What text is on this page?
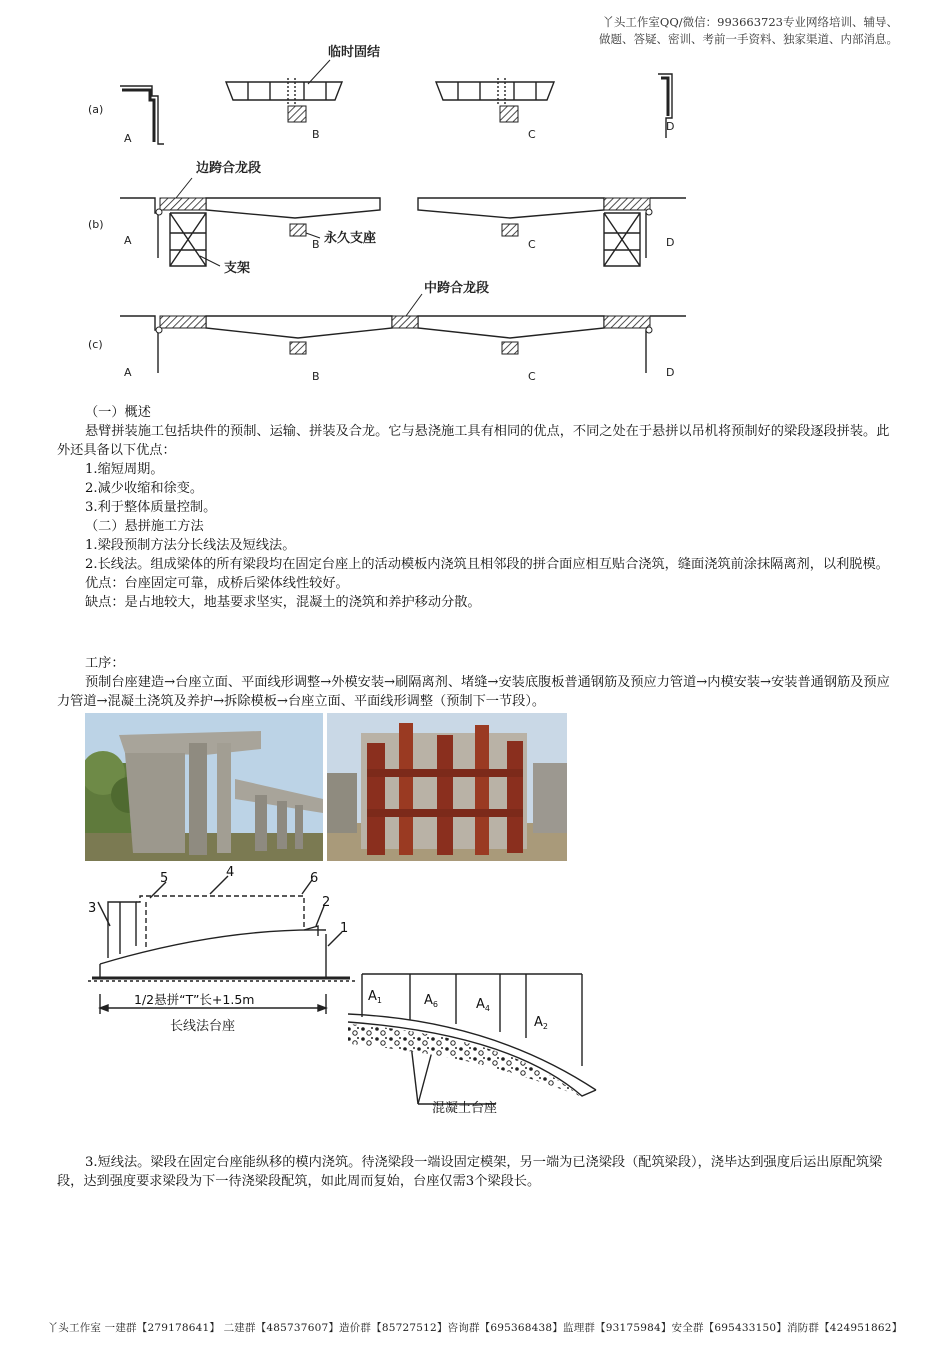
丫头工作室QQ/微信：993663723专业网络培训、辅导、
做题、答疑、密训、考前一手资料、独家渠道、内部消息。
(a)
(b)
(c)
A	B	C
D
A	B	C	D
A	B	C	D
临时固结
边跨合龙段
永久支座
支架
中跨合龙段

（一）概述

悬臂拼装施工包括块件的预制、运输、拼装及合龙。它与悬浇施工具有相同的优点，不同之处在于悬拼以吊机将预制好的梁段逐段拼装。此外还具备以下优点：

1.缩短周期。

2.减少收缩和徐变。

3.利于整体质量控制。

（二）悬拼施工方法

1.梁段预制方法分长线法及短线法。

2.长线法。组成梁体的所有梁段均在固定台座上的活动模板内浇筑且相邻段的拼合面应相互贴合浇筑，缝面浇筑前涂抹隔离剂，以利脱模。

优点：台座固定可靠，成桥后梁体线性较好。

缺点：是占地较大，地基要求坚实，混凝土的浇筑和养护移动分散。

工序：

预制台座建造→台座立面、平面线形调整→外模安装→刷隔离剂、堵缝→安装底腹板普通钢筋及预应力管道→内模安装→安装普通钢筋及预应力管道→混凝土浇筑及养护→拆除模板→台座立面、平面线形调整（预制下一节段）。

3
5	4	6
2
1
1/2悬拼“T”长+1.5m
长线法台座
混凝土台座
$A_1$	$A_6$	$A_4$
$A_2$

3.短线法。梁段在固定台座能纵移的模内浇筑。待浇梁段一端设固定模架，另一端为已浇梁段（配筑梁段），浇毕达到强度后运出原配筑梁段，达到强度要求梁段为下一待浇梁段配筑，如此周而复始，台座仅需3个梁段长。

丫头工作室 一建群【279178641】 二建群【485737607】造价群【85727512】咨询群【695368438】监理群【93175984】安全群【695433150】消防群【424951862】
